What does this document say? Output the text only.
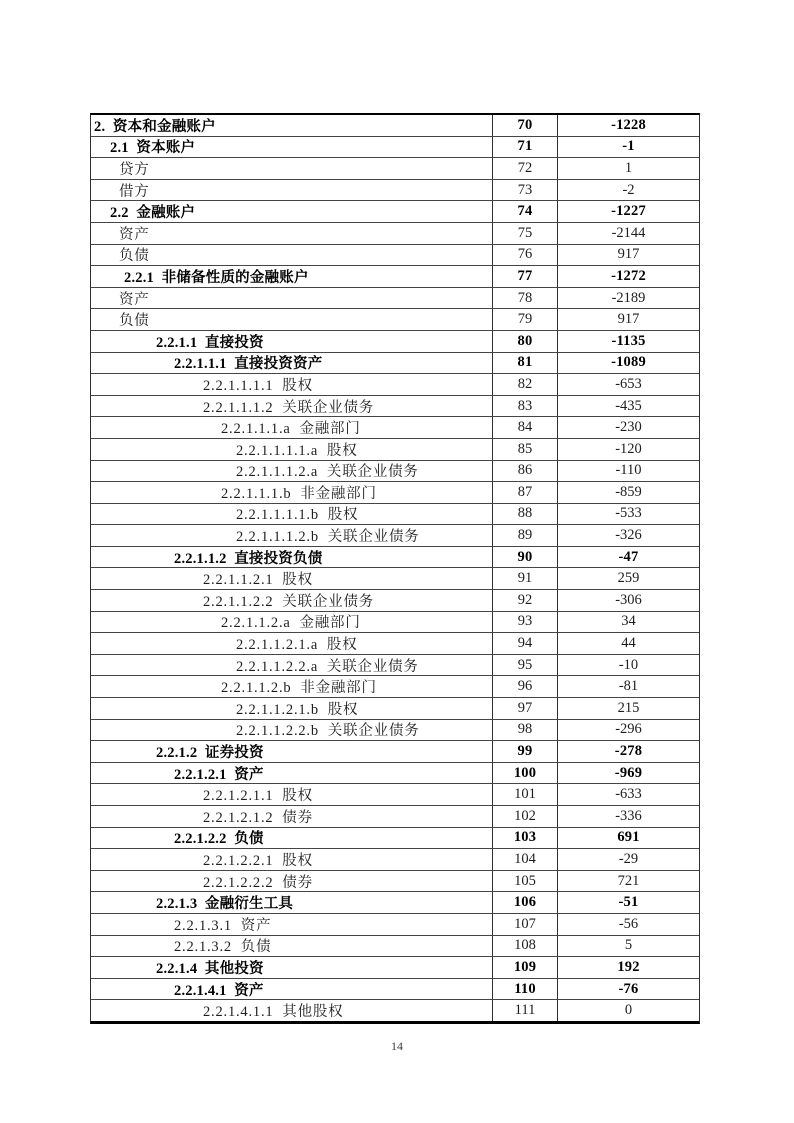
2.  资本和金融账户	70	-1228
2.1  资本账户	71	-1
贷方	72	1
借方	73	-2
2.2  金融账户	74	-1227
资产	75	-2144
负债	76	917
2.2.1  非储备性质的金融账户	77	-1272
资产	78	-2189
负债	79	917
2.2.1.1  直接投资	80	-1135
2.2.1.1.1  直接投资资产	81	-1089
2.2.1.1.1.1  股权	82	-653
2.2.1.1.1.2  关联企业债务	83	-435
2.2.1.1.1.a  金融部门	84	-230
2.2.1.1.1.1.a  股权	85	-120
2.2.1.1.1.2.a  关联企业债务	86	-110
2.2.1.1.1.b  非金融部门	87	-859
2.2.1.1.1.1.b  股权	88	-533
2.2.1.1.1.2.b  关联企业债务	89	-326
2.2.1.1.2  直接投资负债	90	-47
2.2.1.1.2.1  股权	91	259
2.2.1.1.2.2  关联企业债务	92	-306
2.2.1.1.2.a  金融部门	93	34
2.2.1.1.2.1.a  股权	94	44
2.2.1.1.2.2.a  关联企业债务	95	-10
2.2.1.1.2.b  非金融部门	96	-81
2.2.1.1.2.1.b  股权	97	215
2.2.1.1.2.2.b  关联企业债务	98	-296
2.2.1.2  证券投资	99	-278
2.2.1.2.1  资产	100	-969
2.2.1.2.1.1  股权	101	-633
2.2.1.2.1.2  债券	102	-336
2.2.1.2.2  负债	103	691
2.2.1.2.2.1  股权	104	-29
2.2.1.2.2.2  债券	105	721
2.2.1.3  金融衍生工具	106	-51
2.2.1.3.1  资产	107	-56
2.2.1.3.2  负债	108	5
2.2.1.4  其他投资	109	192
2.2.1.4.1  资产	110	-76
2.2.1.4.1.1  其他股权	111	0
14
